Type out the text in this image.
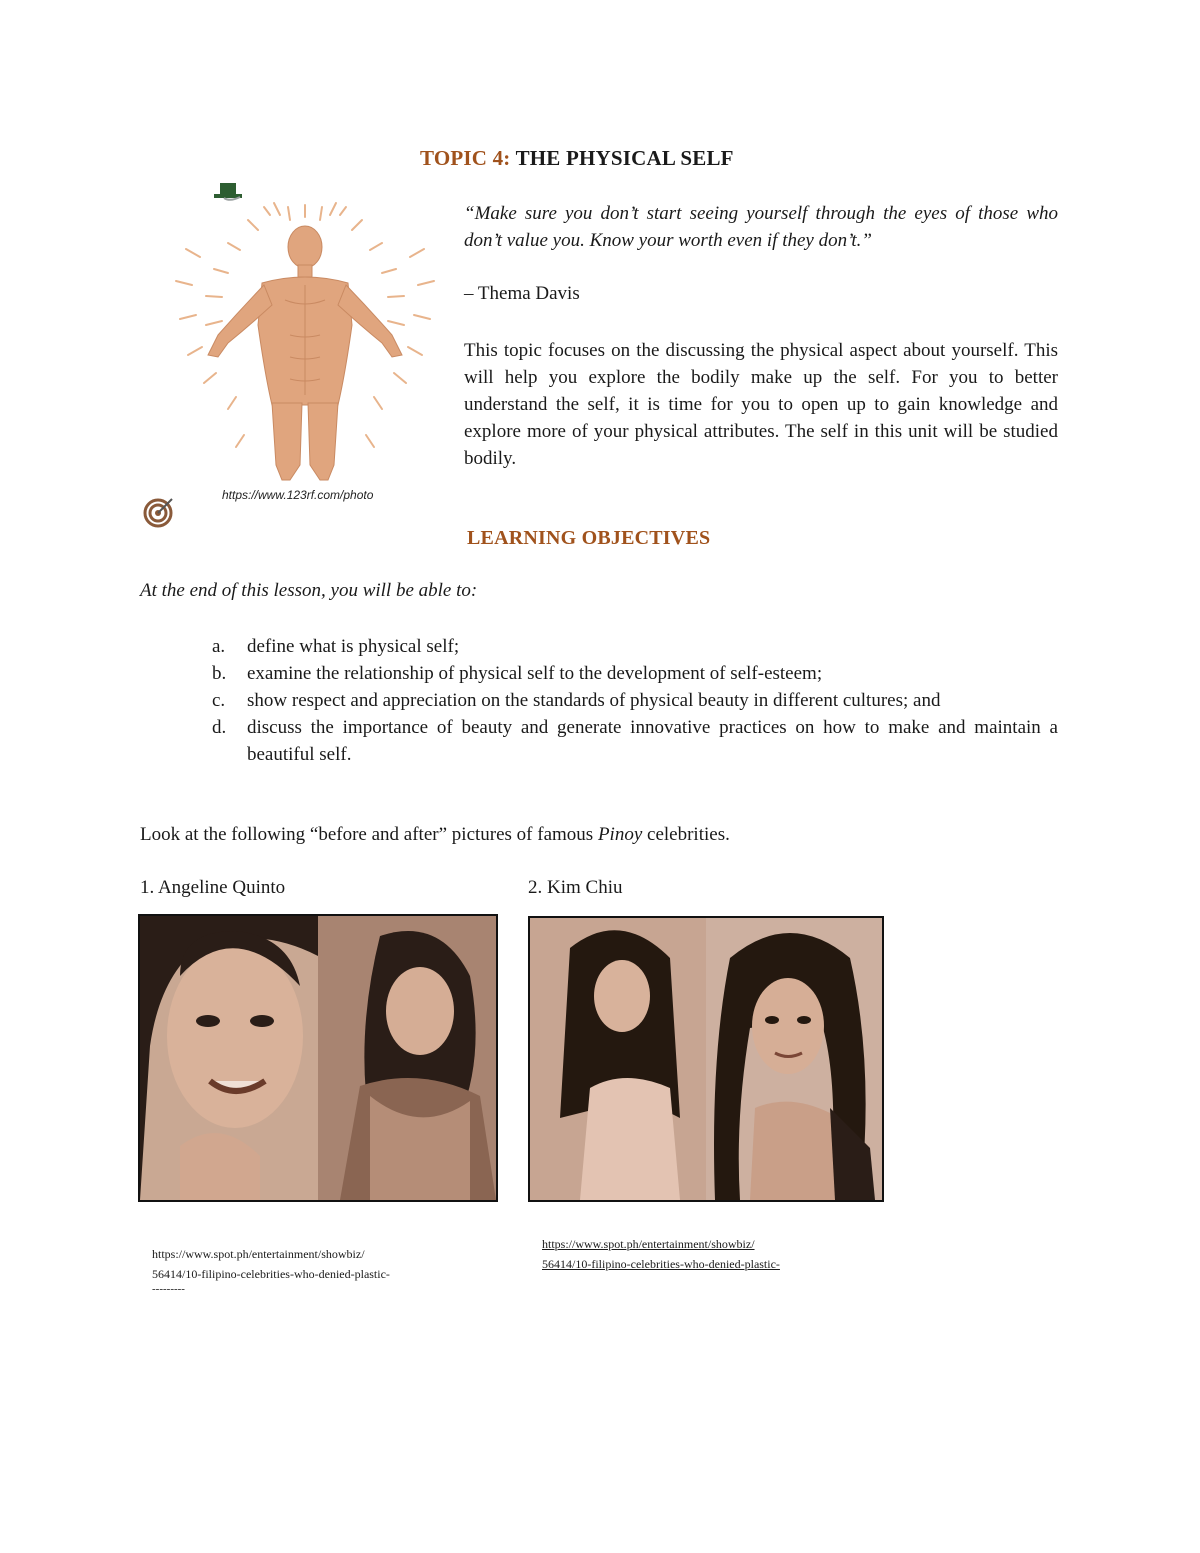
TOPIC 4: THE PHYSICAL SELF
https://www.123rf.com/photo
“Make sure you don’t start seeing yourself through the eyes of those who don’t value you. Know your worth even if they don’t.”
– Thema Davis
This topic focuses on the discussing the physical aspect about yourself. This will help you explore the bodily make up the self. For you to better understand the self, it is time for you to open up to gain knowledge and explore more of your physical attributes. The self in this unit will be studied bodily.
LEARNING OBJECTIVES
At the end of this lesson, you will be able to:
a. define what is physical self;
b. examine the relationship of physical self to the development of self-esteem;
c. show respect and appreciation on the standards of physical beauty in different cultures; and
d. discuss the importance of beauty and generate innovative practices on how to make and maintain a beautiful self.
Look at the following “before and after” pictures of famous Pinoy celebrities.
1. Angeline Quinto	2. Kim Chiu
https://www.spot.ph/entertainment/showbiz/
56414/10-filipino-celebrities-who-denied-plastic-
---------
https://www.spot.ph/entertainment/showbiz/
56414/10-filipino-celebrities-who-denied-plastic-
